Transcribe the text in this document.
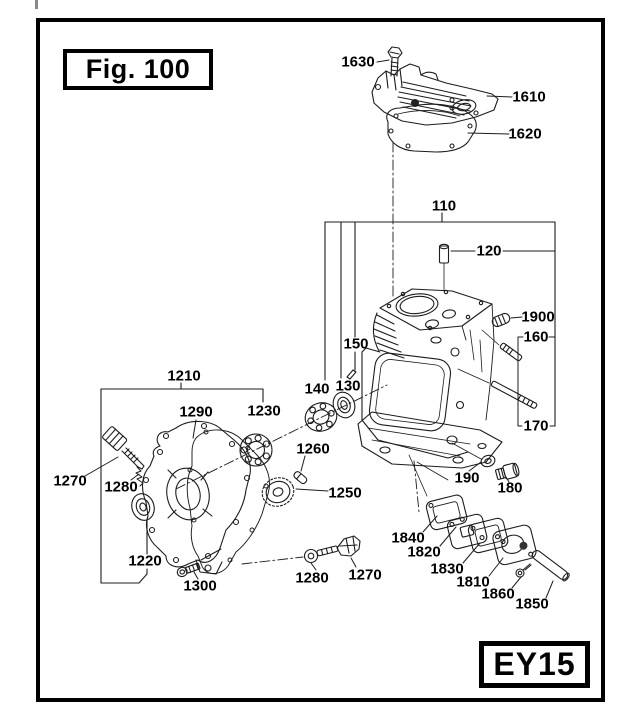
Fig. 100
EY15
1630
1610
1620
110
120
1900
160
170
150
130
140
1210
1290 1230
1260
1250
1270 1280
1220
1300	1280 1270
1840
1820
1830
1810
1860
1850
190
180
